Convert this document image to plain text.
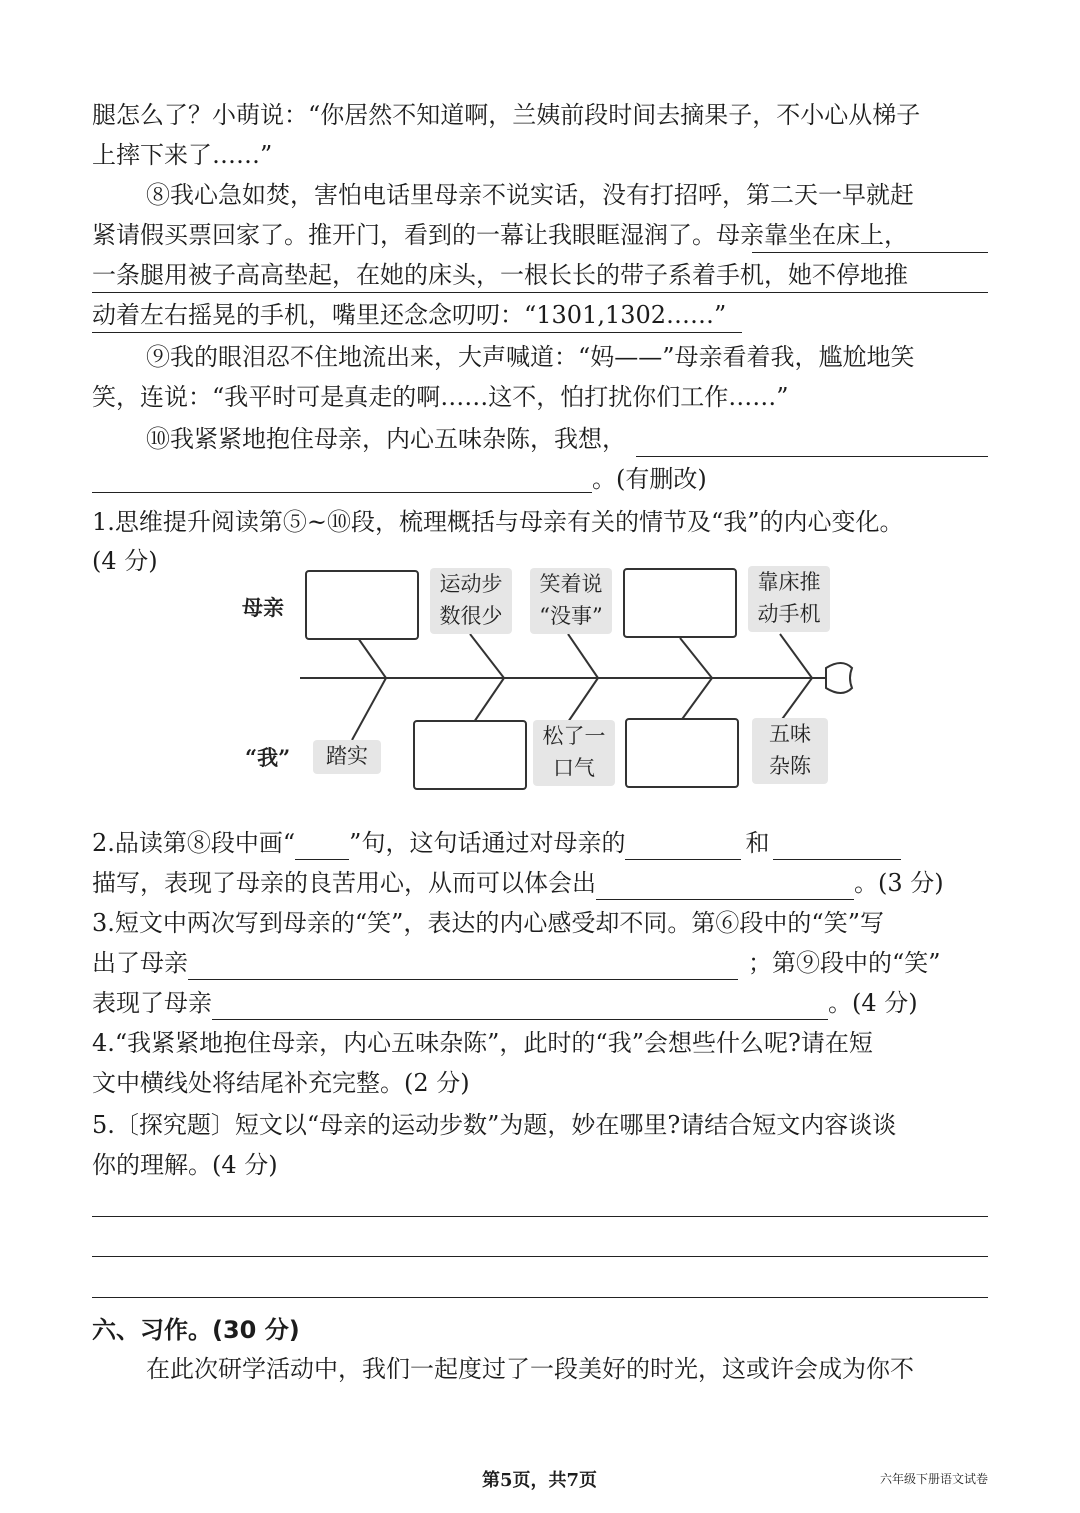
腿怎么了？小萌说：“你居然不知道啊，兰姨前段时间去摘果子，不小心从梯子
上摔下来了……”
⑧我心急如焚，害怕电话里母亲不说实话，没有打招呼，第二天一早就赶
紧请假买票回家了。推开门，看到的一幕让我眼眶湿润了。母亲靠坐在床上，
一条腿用被子高高垫起，在她的床头，一根长长的带子系着手机，她不停地推
动着左右摇晃的手机，嘴里还念念叨叨：“1301,1302……”
⑨我的眼泪忍不住地流出来，大声喊道：“妈——”母亲看着我，尴尬地笑
笑，连说：“我平时可是真走的啊……这不，怕打扰你们工作……”
⑩我紧紧地抱住母亲，内心五味杂陈，我想，
。(有删改)
1.思维提升阅读第⑤~⑩段，梳理概括与母亲有关的情节及“我”的内心变化。
(4 分)
母亲
“我”
运动步
数很少
笑着说
“没事”
靠床推
动手机
踏实
松了一
口气
五味
杂陈
2.品读第⑧段中画“ ”句，这句话通过对母亲的	和
描写，表现了母亲的良苦用心，从而可以体会出	。(3 分)
3.短文中两次写到母亲的“笑”，表达的内心感受却不同。第⑥段中的“笑”写
出了母亲	；第⑨段中的“笑”
表现了母亲	。(4 分)
4.“我紧紧地抱住母亲，内心五味杂陈”，此时的“我”会想些什么呢?请在短
文中横线处将结尾补充完整。(2 分)
5.〔探究题〕短文以“母亲的运动步数”为题，妙在哪里?请结合短文内容谈谈
你的理解。(4 分)
六、习作。(30 分)
在此次研学活动中，我们一起度过了一段美好的时光，这或许会成为你不
第5页，共7页	六年级下册语文试卷
